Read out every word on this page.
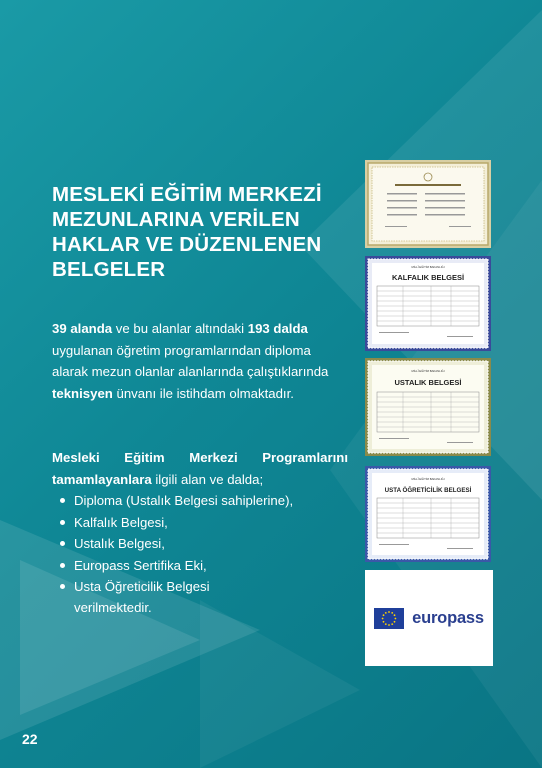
MESLEKİ EĞİTİM MERKEZİ
MEZUNLARINA VERİLEN
HAKLAR VE DÜZENLENEN
BELGELER

39 alanda ve bu alanlar altındaki 193 dalda uygulanan öğretim programlarından diploma alarak mezun olanlar alanlarında çalıştıklarında teknisyen ünvanı ile istihdam olmaktadır.

Mesleki Eğitim Merkezi Programlarını tamamlayanlara ilgili alan ve dalda;

Diploma (Ustalık Belgesi sahiplerine),
Kalfalık Belgesi,
Ustalık Belgesi,
Europass Sertifika Eki,
Usta Öğreticilik Belgesi
verilmektedir.
MİLLÎ EĞİTİM BAKANLIĞI
KALFALIK BELGESİ
MİLLÎ EĞİTİM BAKANLIĞI
USTALIK BELGESİ
MİLLÎ EĞİTİM BAKANLIĞI
USTA ÖĞRETİCİLİK BELGESİ
europass
22
